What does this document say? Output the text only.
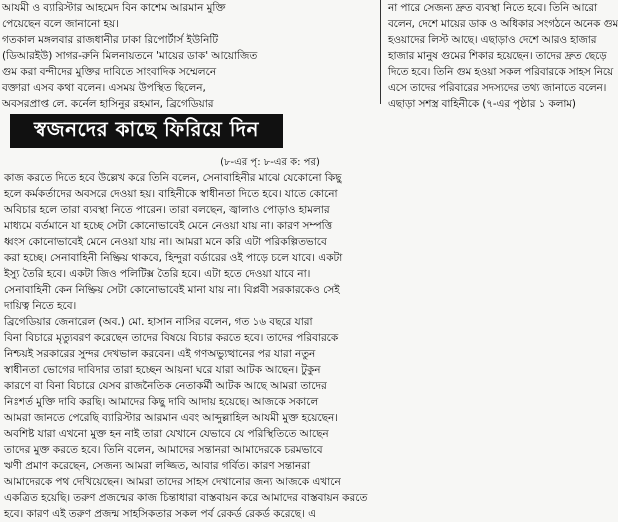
আযমী ও ব্যারিস্টার আহমেদ বিন কাশেম আরমান মুক্তি

পেয়েছেন বলে জানানো হয়।

গতকাল মঙ্গলবার রাজধানীর ঢাকা রিপোর্টার্স ইউনিটি

(ডিআরইউ) সাগর-রুনি মিলনায়তনে 'মায়ের ডাক' আয়োজিত

গুম করা বন্দীদের মুক্তির দাবিতে সাংবাদিক সম্মেলনে

বক্তারা এসব কথা বলেন। এসময় উপস্থিত ছিলেন,

অবসরপ্রাপ্ত লে. কর্নেল হাসিনুর রহমান, ব্রিগেডিয়ার

না পারে সেজন্য দ্রুত ব্যবস্থা নিতে হবে। তিনি আরো

বলেন, দেশে মায়ের ডাক ও অধিকার সংগঠনে অনেক গুম

হওয়াদের লিস্ট আছে। এছাড়াও দেশে আরও হাজার

হাজার মানুষ গুমের শিকার হয়েছেন। তাদের দ্রুত ছেড়ে

দিতে হবে। তিনি গুম হওয়া সকল পরিবারকে সাহস নিয়ে

এসে তাদের পরিবারের সদস্যদের তথ্য জানাতে বলেন।

এছাড়া সশস্ত্র বাহিনীকে (৭-এর পৃষ্ঠার ১ কলাম)

স্বজনদের কাছে ফিরিয়ে দিন
(৮-এর পৃ: ৮-এর ক: পর)

কাজ করতে দিতে হবে উল্লেখ করে তিনি বলেন, সেনাবাহিনীর মাঝে যেকোনো কিছু

হলে কর্মকর্তাদের অবসরে দেওয়া হয়। বাহিনীকে স্বাধীনতা দিতে হবে। যাতে কোনো

অবিচার হলে তারা ব্যবস্থা নিতে পারেন। তারা বলছেন, জ্বালাও পোড়াও হামলার

মাধ্যমে বর্তমানে যা হচ্ছে সেটা কোনোভাবেই মেনে নেওয়া যায় না। কারণ সম্পত্তি

ধ্বংস কোনোভাবেই মেনে নেওয়া যায় না। আমরা মনে করি এটা পরিকল্পিতভাবে

করা হচ্ছে। সেনাবাহিনী নিষ্ক্রিয় থাকবে, হিন্দুরা বর্ডারের ওই পাড়ে চলে যাবে। একটা

ইস্যু তৈরি হবে। একটা জিও পলিটিক্স তৈরি হবে। এটা হতে দেওয়া যাবে না।

সেনাবাহিনী কেন নিষ্ক্রিয় সেটা কোনোভাবেই মানা যায় না। বিপ্লবী সরকারকেও সেই

দায়িত্ব নিতে হবে।

ব্রিগেডিয়ার জেনারেল (অব.) মো. হাসান নাসির বলেন, গত ১৬ বছরে যারা

বিনা বিচারে মৃত্যুবরণ করেছেন তাদের বিষয়ে বিচার করতে হবে। তাদের পরিবারকে

নিশ্চয়ই সরকারের সুন্দর দেখভাল করবেন। এই গণঅভ্যুত্থানের পর যারা নতুন

স্বাধীনতা ভোগের দাবিদার তারা হচ্ছেন আয়না ঘরে যারা আটক আছেন। টুকুন

কারণে বা বিনা বিচারে যেসব রাজনৈতিক নেতাকর্মী আটক আছে আমরা তাদের

নিঃশর্ত মুক্তি দাবি করছি। আমাদের কিছু দাবি আদায় হয়েছে। আজকে সকালে

আমরা জানতে পেরেছি ব্যারিস্টার আরমান এবং আব্দুল্লাহিল আযমী মুক্ত হয়েছেন।

অবশিষ্ট যারা এখনো মুক্ত হন নাই তারা যেখানে যেভাবে যে পরিস্থিতিতে আছেন

তাদের মুক্ত করতে হবে। তিনি বলেন, আমাদের সন্তানরা আমাদেরকে চরমভাবে

ঋণী প্রমাণ করেছেন, সেজন্য আমরা লজ্জিত, আবার গর্বিত। কারণ সন্তানরা

আমাদেরকে পথ দেখিয়েছেন। আমরা তাদের সাহস দেখানোর জন্য আজকে এখানে

একত্রিত হয়েছি। তরুণ প্রজন্মের কাজ চিন্তাধারা বাস্তবায়ন করে আমাদের বাস্তবায়ন করতে

হবে। কারণ এই তরুণ প্রজন্ম সাহসিকতার সকল পর্ব রেকর্ড রেকর্ড করেছে। এ
